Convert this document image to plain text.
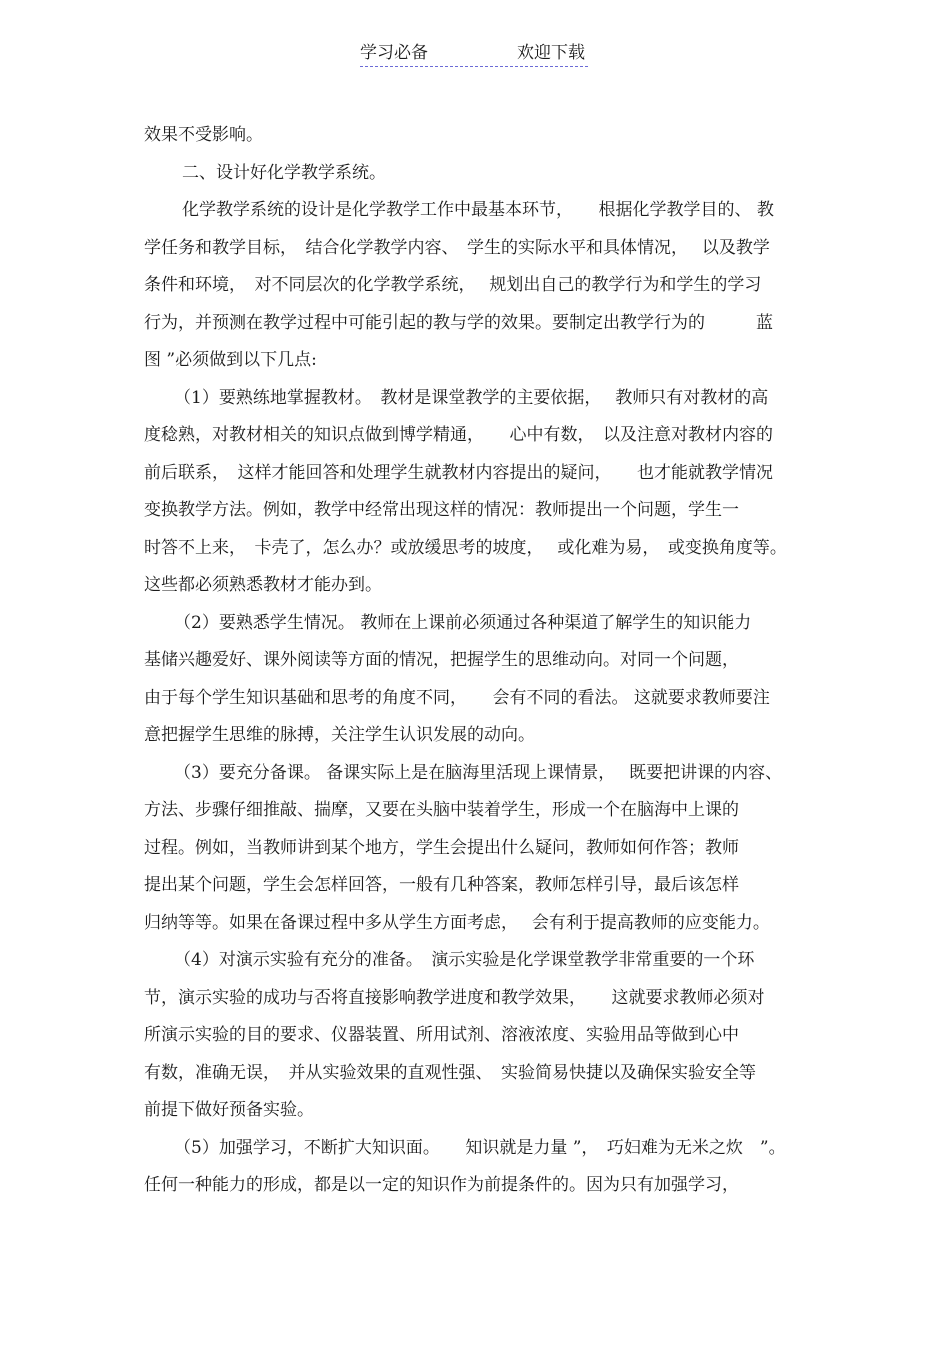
学习必备	欢迎下载
效果不受影响。
二、设计好化学教学系统。
化学教学系统的设计是化学教学工作中最基本环节，　　根据化学教学目的、 教
学任务和教学目标，　结合化学教学内容、　学生的实际水平和具体情况，　 以及教学
条件和环境，　对不同层次的化学教学系统，　 规划出自己的教学行为和学生的学习
行为，并预测在教学过程中可能引起的教与学的效果。要制定出教学行为的　　　蓝
图 ”必须做到以下几点:
（1）要熟练地掌握教材。　教材是课堂教学的主要依据，　 教师只有对教材的高
度稔熟，对教材相关的知识点做到博学精通，　　心中有数，　以及注意对教材内容的
前后联系，　这样才能回答和处理学生就教材内容提出的疑问，　　也才能就教学情况
变换教学方法。例如，教学中经常出现这样的情况：教师提出一个问题，学生一
时答不上来，　卡壳了，怎么办？或放缓思考的坡度，　 或化难为易，　或变换角度等。
这些都必须熟悉教材才能办到。
（2）要熟悉学生情况。 教师在上课前必须通过各种渠道了解学生的知识能力
基储兴趣爱好、课外阅读等方面的情况，把握学生的思维动向。对同一个问题，
由于每个学生知识基础和思考的角度不同，　　会有不同的看法。 这就要求教师要注
意把握学生思维的脉搏，关注学生认识发展的动向。
（3）要充分备课。 备课实际上是在脑海里活现上课情景，　 既要把讲课的内容、
方法、步骤仔细推敲、揣摩，又要在头脑中装着学生，形成一个在脑海中上课的
过程。例如，当教师讲到某个地方，学生会提出什么疑问，教师如何作答；教师
提出某个问题，学生会怎样回答，一般有几种答案，教师怎样引导，最后该怎样
归纳等等。如果在备课过程中多从学生方面考虑，　 会有利于提高教师的应变能力。
（4）对演示实验有充分的准备。　演示实验是化学课堂教学非常重要的一个环
节，演示实验的成功与否将直接影响教学进度和教学效果，　　这就要求教师必须对
所演示实验的目的要求、仪器装置、所用试剂、溶液浓度、实验用品等做到心中
有数，准确无误，　并从实验效果的直观性强、　实验简易快捷以及确保实验安全等
前提下做好预备实验。
（5）加强学习，不断扩大知识面。　　知识就是力量 ”，　巧妇难为无米之炊　”。
任何一种能力的形成，都是以一定的知识作为前提条件的。因为只有加强学习，
